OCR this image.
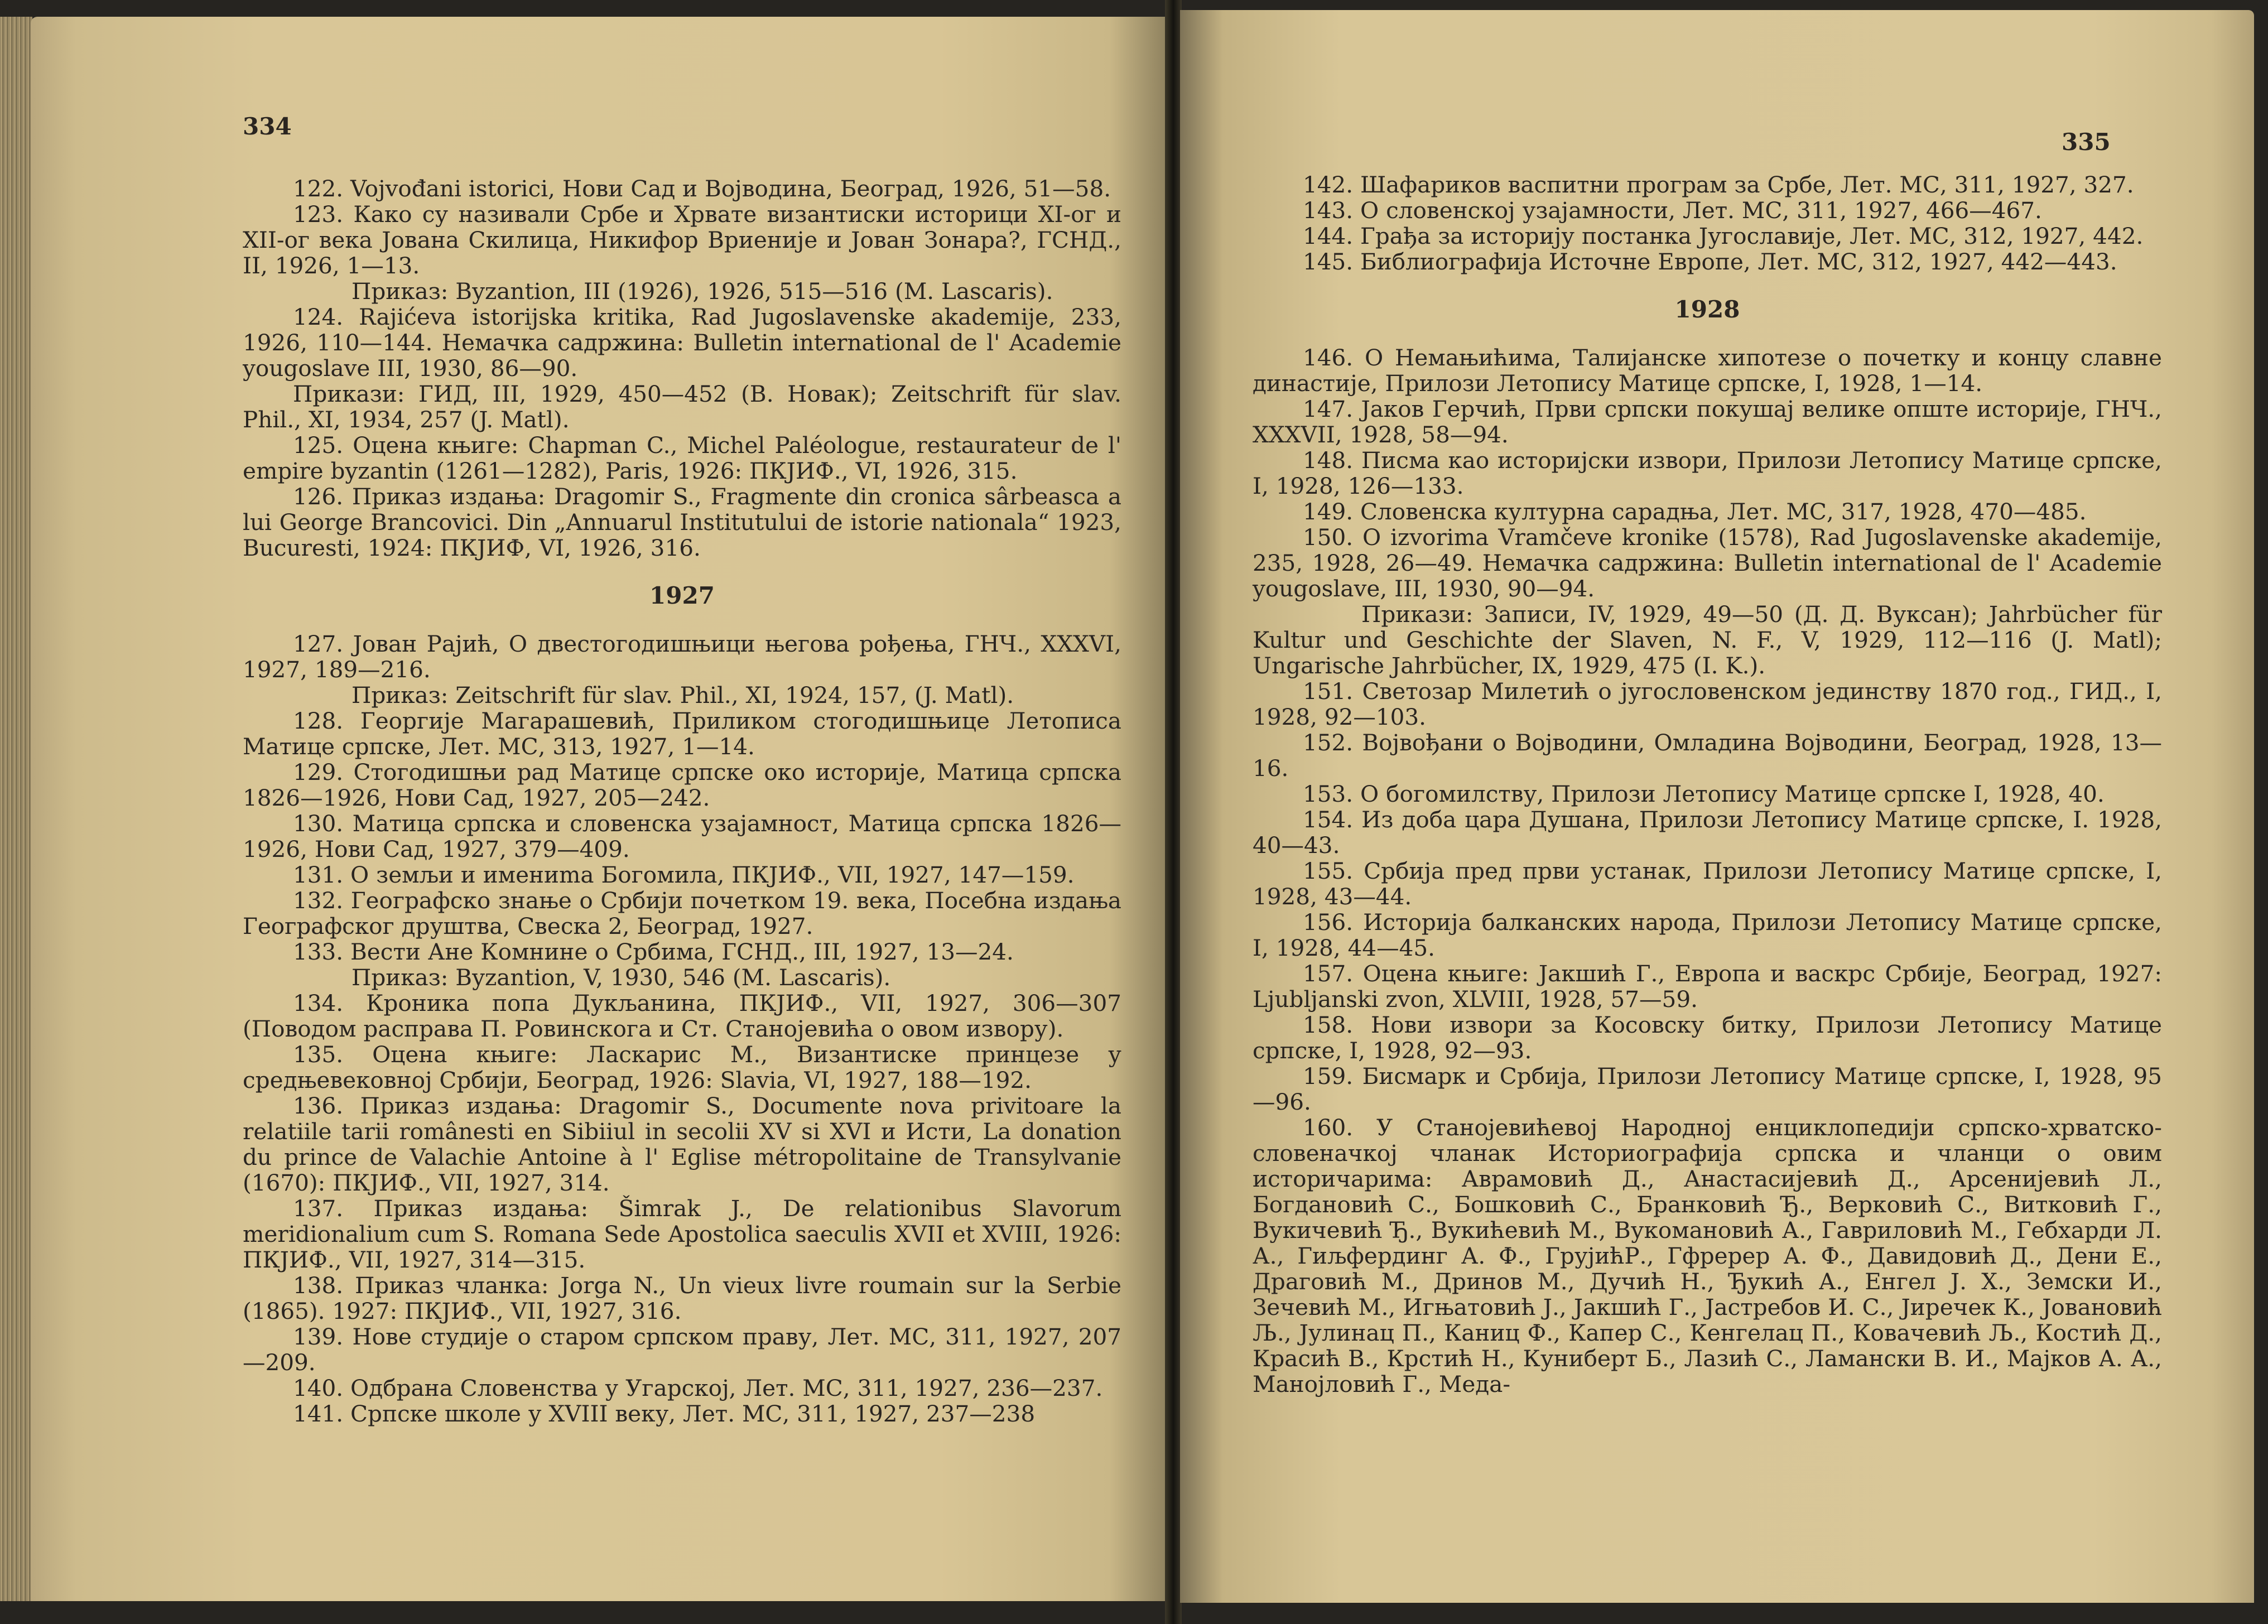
334

122. Vojvođani istorici, Нови Сад и Војводина, Београд, 1926, 51—58.

123. Како су називали Србе и Хрвате византиски историци XI-ог и XII-ог века Јована Скилица, Никифор Вриеније и Јован Зонара?, ГСНД., II, 1926, 1—13.

Приказ: Byzantion, III (1926), 1926, 515—516 (M. Lascaris).

124. Rajićeva istorijska kritika, Rad Jugoslavenske akademije, 233, 1926, 110—144. Немачка садржина: Bulletin international de l' Academie yougoslave III, 1930, 86—90.

Прикази: ГИД, III, 1929, 450—452 (В. Новак); Zeitschrift für slav. Phil., XI, 1934, 257 (J. Matl).

125. Оцена књиге: Chapman C., Michel Paléologue, restaurateur de l' empire byzantin (1261—1282), Paris, 1926: ПКЈИФ., VI, 1926, 315.

126. Приказ издања: Dragomir S., Fragmente din cronica sârbeasca a lui George Brancovici. Din „Annuarul Institutului de istorie nationala“ 1923, Bucuresti, 1924: ПКЈИФ, VI, 1926, 316.

1927

127. Јован Рајић, О двестогодишњици његова рођења, ГНЧ., XXXVI, 1927, 189—216.

Приказ: Zeitschrift für slav. Phil., XI, 1924, 157, (J. Matl).

128. Георгије Магарашевић, Приликом стогодишњице Летописа Матице српске, Лет. МС, 313, 1927, 1—14.

129. Стогодишњи рад Матице српске око историје, Матица српска 1826—1926, Нови Сад, 1927, 205—242.

130. Матица српска и словенска узајамност, Матица српска 1826—1926, Нови Сад, 1927, 379—409.

131. О земљи и имениma Богомила, ПКЈИФ., VII, 1927, 147—159.

132. Географско знање о Србији почетком 19. века, Посебна издања Географског друштва, Свеска 2, Београд, 1927.

133. Вести Ане Комнине о Србима, ГСНД., III, 1927, 13—24.

Приказ: Byzantion, V, 1930, 546 (M. Lascaris).

134. Кроника попа Дукљанина, ПКЈИФ., VII, 1927, 306—307 (Поводом расправа П. Ровинскога и Ст. Станојевића о овом извору).

135. Оцена књиге: Ласкарис М., Византиске принцезе у средњевековној Србији, Београд, 1926: Slavia, VI, 1927, 188—192.

136. Приказ издања: Dragomir S., Documente nova privitoare la relatiile tarii românesti en Sibiiul in secolii XV si XVI и Исти, La donation du prince de Valachie Antoine à l' Eglise métropolitaine de Transylvanie (1670): ПКЈИФ., VII, 1927, 314.

137. Приказ издања: Šimrak J., De relationibus Slavorum meridionalium cum S. Romana Sede Apostolica saeculis XVII et XVIII, 1926: ПКЈИФ., VII, 1927, 314—315.

138. Приказ чланка: Jorga N., Un vieux livre roumain sur la Serbie (1865). 1927: ПКЈИФ., VII, 1927, 316.

139. Нове студије о старом српском праву, Лет. МС, 311, 1927, 207—209.

140. Одбрана Словенства у Угарској, Лет. МС, 311, 1927, 236—237.

141. Српске школе у XVIII веку, Лет. МС, 311, 1927, 237—238

335

142. Шафариков васпитни програм за Србе, Лет. МС, 311, 1927, 327.

143. О словенској узајамности, Лет. МС, 311, 1927, 466—467.

144. Грађа за историју постанка Југославије, Лет. МС, 312, 1927, 442.

145. Библиографија Источне Европе, Лет. МС, 312, 1927, 442—443.

1928

146. О Немањићима, Талијанске хипотезе о почетку и концу славне династије, Прилози Летопису Матице српске, I, 1928, 1—14.

147. Јаков Герчић, Први српски покушај велике опште историје, ГНЧ., XXXVII, 1928, 58—94.

148. Писма као историјски извори, Прилози Летопису Матице српске, I, 1928, 126—133.

149. Словенска културна сарадња, Лет. МС, 317, 1928, 470—485.

150. O izvorima Vramčeve kronike (1578), Rad Jugoslavenske akademije, 235, 1928, 26—49. Немачка садржина: Bulletin international de l' Academie yougoslave, III, 1930, 90—94.

Прикази: Записи, IV, 1929, 49—50 (Д. Д. Вуксан); Jahrbücher für Kultur und Geschichte der Slaven, N. F., V, 1929, 112—116 (J. Matl); Ungarische Jahrbücher, IX, 1929, 475 (I. K.).

151. Светозар Милетић о југословенском јединству 1870 год., ГИД., I, 1928, 92—103.

152. Војвођани о Војводини, Омладина Војводини, Београд, 1928, 13—16.

153. О богомилству, Прилози Летопису Матице српске I, 1928, 40.

154. Из доба цара Душана, Прилози Летопису Матице српске, I. 1928, 40—43.

155. Србија пред први устанак, Прилози Летопису Матице српске, I, 1928, 43—44.

156. Историја балканских народа, Прилози Летопису Матице српске, I, 1928, 44—45.

157. Оцена књиге: Јакшић Г., Европа и васкрс Србије, Београд, 1927: Ljubljanski zvon, XLVIII, 1928, 57—59.

158. Нови извори за Косовску битку, Прилози Летопису Матице српске, I, 1928, 92—93.

159. Бисмарк и Србија, Прилози Летопису Матице српске, I, 1928, 95—96.

160. У Станојевићевој Народној енциклопедији српско-хрватско-словеначкој чланак Историографија српска и чланци о овим историчарима: Аврамовић Д., Анастасијевић Д., Арсенијевић Л., Богдановић С., Бошковић С., Бранковић Ђ., Верковић С., Витковић Г., Вукичевић Ђ., Вукићевић М., Вукомановић А., Гавриловић М., Гебхарди Л. А., Гиљфердинг А. Ф., ГрујићР., Гфререр А. Ф., Давидовић Д., Дени Е., Драговић М., Дринов М., Дучић Н., Ђукић А., Енгел Ј. Х., Земски И., Зечевић М., Игњатовић Ј., Јакшић Г., Јастребов И. С., Јиречек К., Јовановић Љ., Јулинац П., Каниц Ф., Капер С., Кенгелац П., Ковачевић Љ., Костић Д., Красић В., Крстић Н., Куниберт Б., Лазић С., Ламански В. И., Мајков А. А., Манојловић Г., Меда-
